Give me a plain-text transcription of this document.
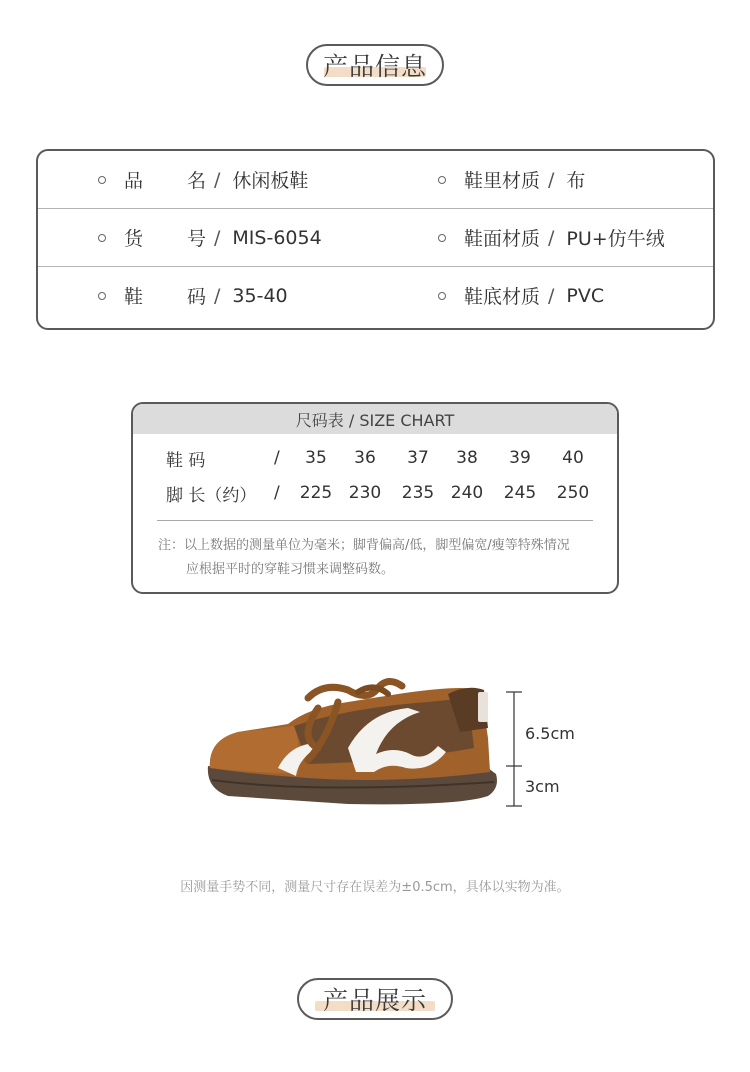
产品信息
品名 / 休闲板鞋	鞋里材质 / 布
货号 / MIS-6054	鞋面材质 / PU+仿牛绒
鞋码 / 35-40	鞋底材质 / PVC
尺码表 / SIZE CHART
鞋 码	/	35	36	37	38	39	40
脚 长（约） / 225 230 235 240 245 250
注：以上数据的测量单位为毫米；脚背偏高/低，脚型偏宽/瘦等特殊情况
应根据平时的穿鞋习惯来调整码数。
6.5cm
3cm
因测量手势不同，测量尺寸存在误差为±0.5cm，具体以实物为准。
产品展示
